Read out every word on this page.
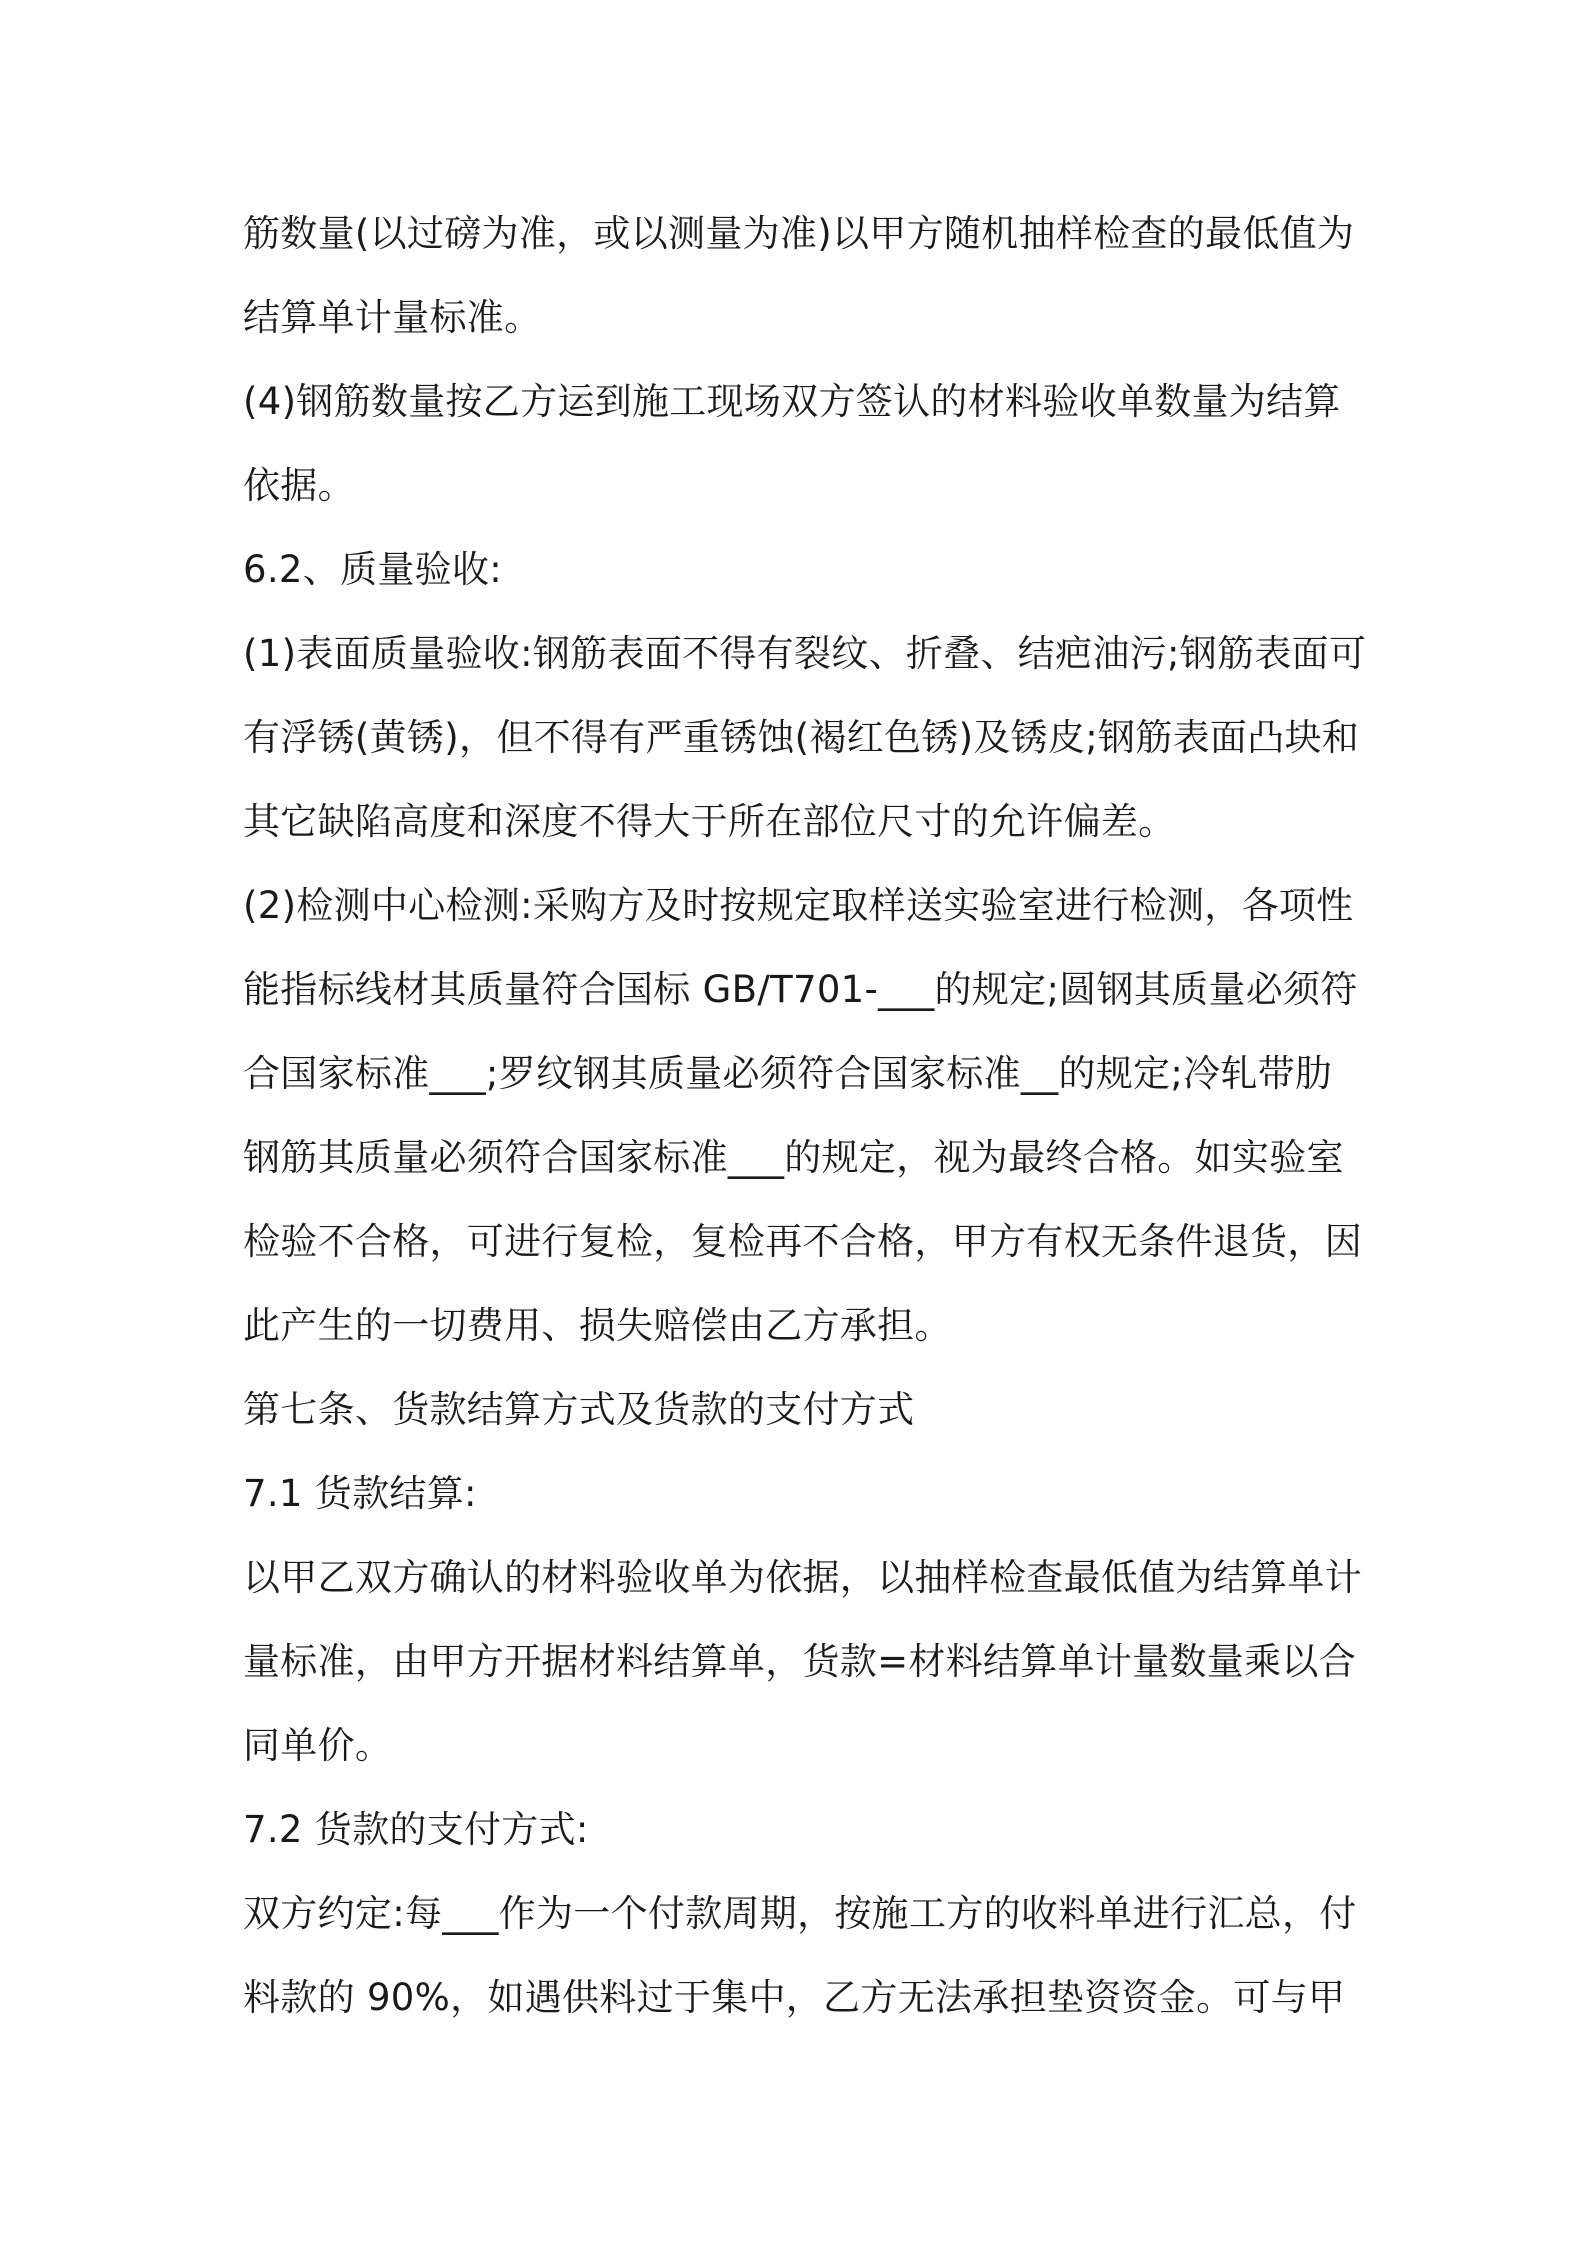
筋数量(以过磅为准，或以测量为准)以甲方随机抽样检查的最低值为
结算单计量标准。
(4)钢筋数量按乙方运到施工现场双方签认的材料验收单数量为结算
依据。
6.2、质量验收:
(1)表面质量验收:钢筋表面不得有裂纹、折叠、结疤油污;钢筋表面可
有浮锈(黄锈)，但不得有严重锈蚀(褐红色锈)及锈皮;钢筋表面凸块和
其它缺陷高度和深度不得大于所在部位尺寸的允许偏差。
(2)检测中心检测:采购方及时按规定取样送实验室进行检测，各项性
能指标线材其质量符合国标 GB/T701-___的规定;圆钢其质量必须符
合国家标准___;罗纹钢其质量必须符合国家标准__的规定;冷轧带肋
钢筋其质量必须符合国家标准___的规定，视为最终合格。如实验室
检验不合格，可进行复检，复检再不合格，甲方有权无条件退货，因
此产生的一切费用、损失赔偿由乙方承担。
第七条、货款结算方式及货款的支付方式
7.1 货款结算:
以甲乙双方确认的材料验收单为依据，以抽样检查最低值为结算单计
量标准，由甲方开据材料结算单，货款=材料结算单计量数量乘以合
同单价。
7.2 货款的支付方式:
双方约定:每___作为一个付款周期，按施工方的收料单进行汇总，付
料款的 90%，如遇供料过于集中，乙方无法承担垫资资金。可与甲
